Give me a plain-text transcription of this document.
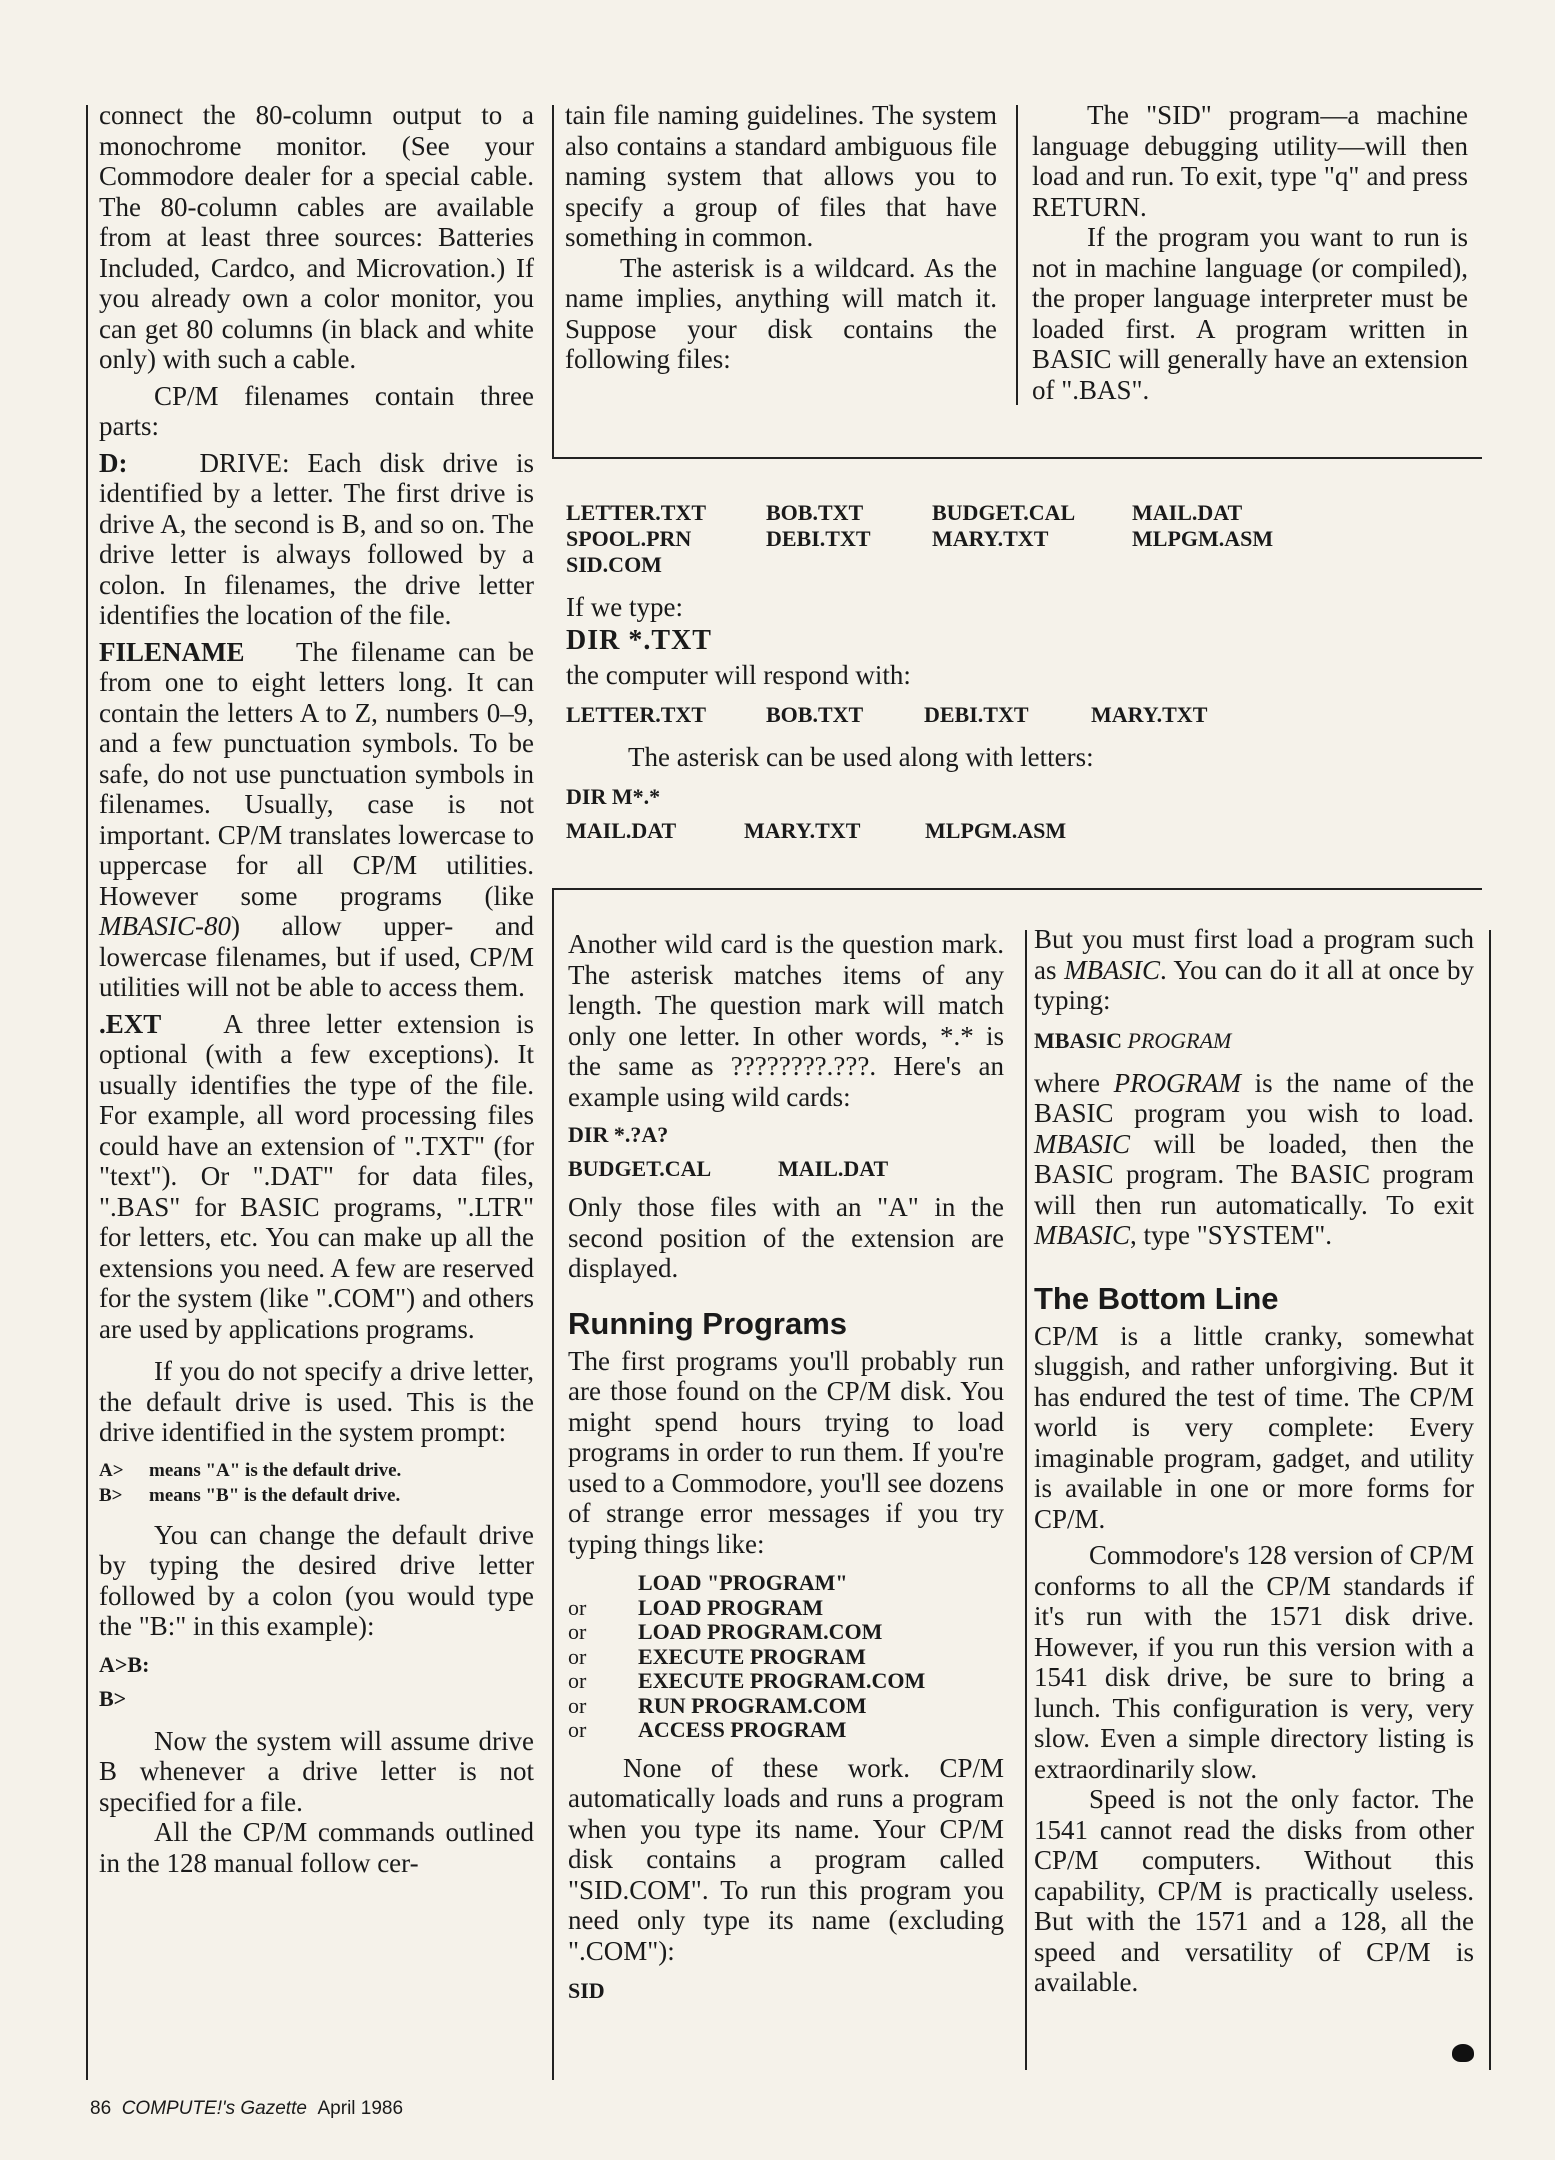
connect the 80-column output to a monochrome monitor. (See your Commodore dealer for a special cable. The 80-column cables are available from at least three sources: Batteries Included, Cardco, and Microvation.) If you already own a color monitor, you can get 80 columns (in black and white only) with such a cable.

CP/M filenames contain three parts:

D:	DRIVE: Each disk drive is identified by a letter. The first drive is drive A, the second is B, and so on. The drive letter is always followed by a colon. In filenames, the drive letter identifies the location of the file.

FILENAME The filename can be from one to eight letters long. It can contain the letters A to Z, numbers 0–9, and a few punctuation symbols. To be safe, do not use punctuation symbols in filenames. Usually, case is not important. CP/M translates lowercase to uppercase for all CP/M utilities. However some programs (like MBASIC-80) allow upper- and lowercase filenames, but if used, CP/M utilities will not be able to access them.

.EXT A three letter extension is optional (with a few exceptions). It usually identifies the type of the file. For example, all word processing files could have an extension of ".TXT" (for "text"). Or ".DAT" for data files, ".BAS" for BASIC programs, ".LTR" for letters, etc. You can make up all the extensions you need. A few are reserved for the system (like ".COM") and others are used by applications programs.

If you do not specify a drive letter, the default drive is used. This is the drive identified in the system prompt:

A>	means "A" is the default drive.
B>	means "B" is the default drive.

You can change the default drive by typing the desired drive letter followed by a colon (you would type the "B:" in this example):

A>B:
B>

Now the system will assume drive B whenever a drive letter is not specified for a file.

All the CP/M commands outlined in the 128 manual follow cer-

tain file naming guidelines. The system also contains a standard ambiguous file naming system that allows you to specify a group of files that have something in common.

The asterisk is a wildcard. As the name implies, anything will match it. Suppose your disk contains the following files:

The "SID" program—a machine language debugging utility—will then load and run. To exit, type "q" and press RETURN.

If the program you want to run is not in machine language (or compiled), the proper language interpreter must be loaded first. A program written in BASIC will generally have an extension of ".BAS".

LETTER.TXT	BOB.TXT	BUDGET.CAL	MAIL.DAT
SPOOL.PRN	DEBI.TXT	MARY.TXT	MLPGM.ASM
SID.COM
If we type:
DIR *.TXT
the computer will respond with:
LETTER.TXT	BOB.TXT	DEBI.TXT	MARY.TXT
The asterisk can be used along with letters:
DIR M*.*
MAIL.DAT	MARY.TXT	MLPGM.ASM

Another wild card is the question mark. The asterisk matches items of any length. The question mark will match only one letter. In other words, *.* is the same as ????????.???. Here's an example using wild cards:

DIR *.?A?
BUDGET.CAL	MAIL.DAT

Only those files with an "A" in the second position of the extension are displayed.

Running Programs

The first programs you'll probably run are those found on the CP/M disk. You might spend hours trying to load programs in order to run them. If you're used to a Commodore, you'll see dozens of strange error messages if you try typing things like:

LOAD "PROGRAM"
or	LOAD PROGRAM
or	LOAD PROGRAM.COM
or	EXECUTE PROGRAM
or	EXECUTE PROGRAM.COM
or	RUN PROGRAM.COM
or	ACCESS PROGRAM

None of these work. CP/M automatically loads and runs a program when you type its name. Your CP/M disk contains a program called "SID.COM". To run this program you need only type its name (excluding ".COM"):

SID

But you must first load a program such as MBASIC. You can do it all at once by typing:

MBASIC PROGRAM

where PROGRAM is the name of the BASIC program you wish to load. MBASIC will be loaded, then the BASIC program. The BASIC program will then run automatically. To exit MBASIC, type "SYSTEM".

The Bottom Line

CP/M is a little cranky, somewhat sluggish, and rather unforgiving. But it has endured the test of time. The CP/M world is very complete: Every imaginable program, gadget, and utility is available in one or more forms for CP/M.

Commodore's 128 version of CP/M conforms to all the CP/M standards if it's run with the 1571 disk drive. However, if you run this version with a 1541 disk drive, be sure to bring a lunch. This configuration is very, very slow. Even a simple directory listing is extraordinarily slow.

Speed is not the only factor. The 1541 cannot read the disks from other CP/M computers. Without this capability, CP/M is practically useless. But with the 1571 and a 128, all the speed and versatility of CP/M is available.

86 COMPUTE!'s Gazette April 1986
